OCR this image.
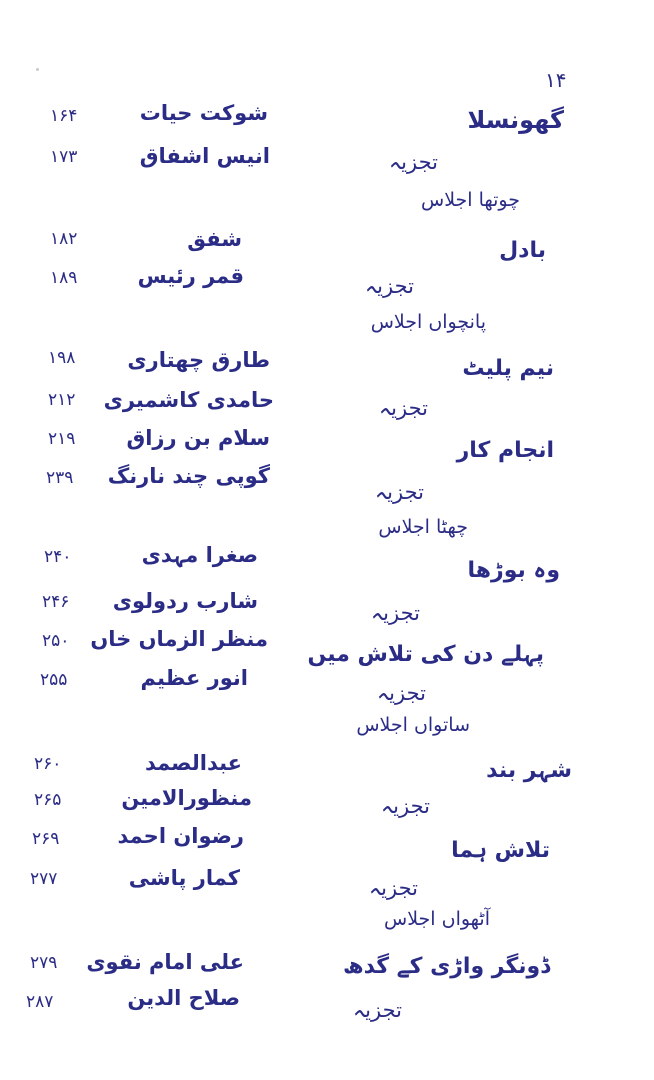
۱۴
شوکت حیات
۱۶۴
انیس اشفاق
۱۷۳
شفق
۱۸۲
قمر رئیس
۱۸۹
طارق چھتاری
۱۹۸
حامدی کاشمیری
۲۱۲
سلام بن رزاق
۲۱۹
گوپی چند نارنگ
۲۳۹
صغرا مہدی
۲۴۰
شارب ردولوی
۲۴۶
منظر الزماں خاں
۲۵۰
انور عظیم
۲۵۵
عبدالصمد
۲۶۰
منظورالامین
۲۶۵
رضوان احمد
۲۶۹
کمار پاشی
۲۷۷
علی امام نقوی
۲۷۹
صلاح الدین
۲۸۷
گھونسلا
تجزیہ
چوتھا اجلاس
بادل
تجزیہ
پانچواں اجلاس
نیم پلیٹ
تجزیہ
انجام کار
تجزیہ
چھٹا اجلاس
وہ بوڑھا
تجزیہ
پہلے دن کی تلاش میں
تجزیہ
ساتواں اجلاس
شہر بند
تجزیہ
تلاش ہما
تجزیہ
آٹھواں اجلاس
ڈونگر واڑی کے گدھ
تجزیہ
